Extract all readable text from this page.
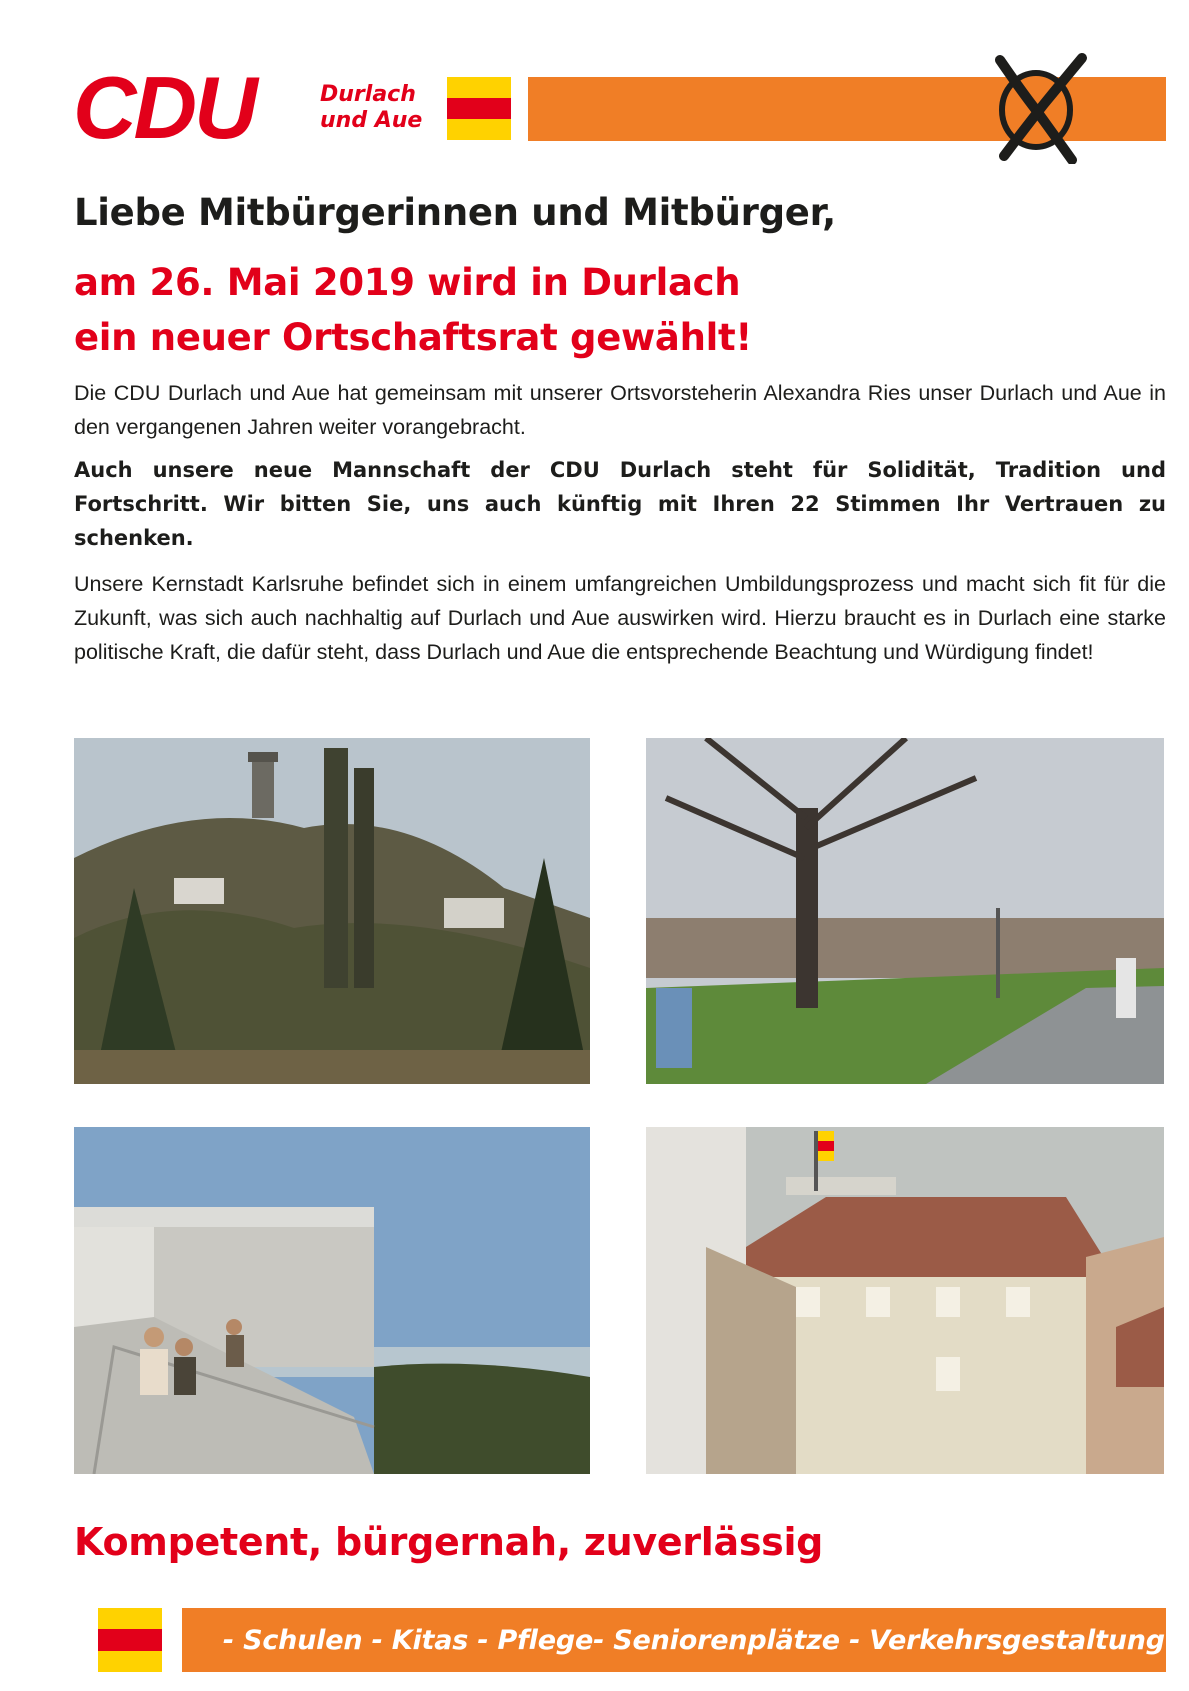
CDU	Durlach
und Aue
Liebe Mitbürgerinnen und Mitbürger,
am 26. Mai 2019 wird in Durlach
ein neuer Ortschaftsrat gewählt!

Die CDU Durlach und Aue hat gemeinsam mit unserer Ortsvorsteherin Alexandra Ries unser Durlach und Aue in den vergangenen Jahren weiter vorangebracht.

Auch unsere neue Mannschaft der CDU Durlach steht für Solidität, Tradition und Fortschritt. Wir bitten Sie, uns auch künftig mit Ihren 22 Stimmen Ihr Vertrauen zu schenken.

Unsere Kernstadt Karlsruhe befindet sich in einem umfangreichen Umbildungsprozess und macht sich fit für die Zukunft, was sich auch nachhaltig auf Durlach und Aue auswirken wird. Hierzu braucht es in Durlach eine starke politische Kraft, die dafür steht, dass Durlach und Aue die entsprechende Beachtung und Würdigung findet!

Kompetent, bürgernah, zuverlässig
- Schulen - Kitas - Pflege- Seniorenplätze - Verkehrsgestaltung -
